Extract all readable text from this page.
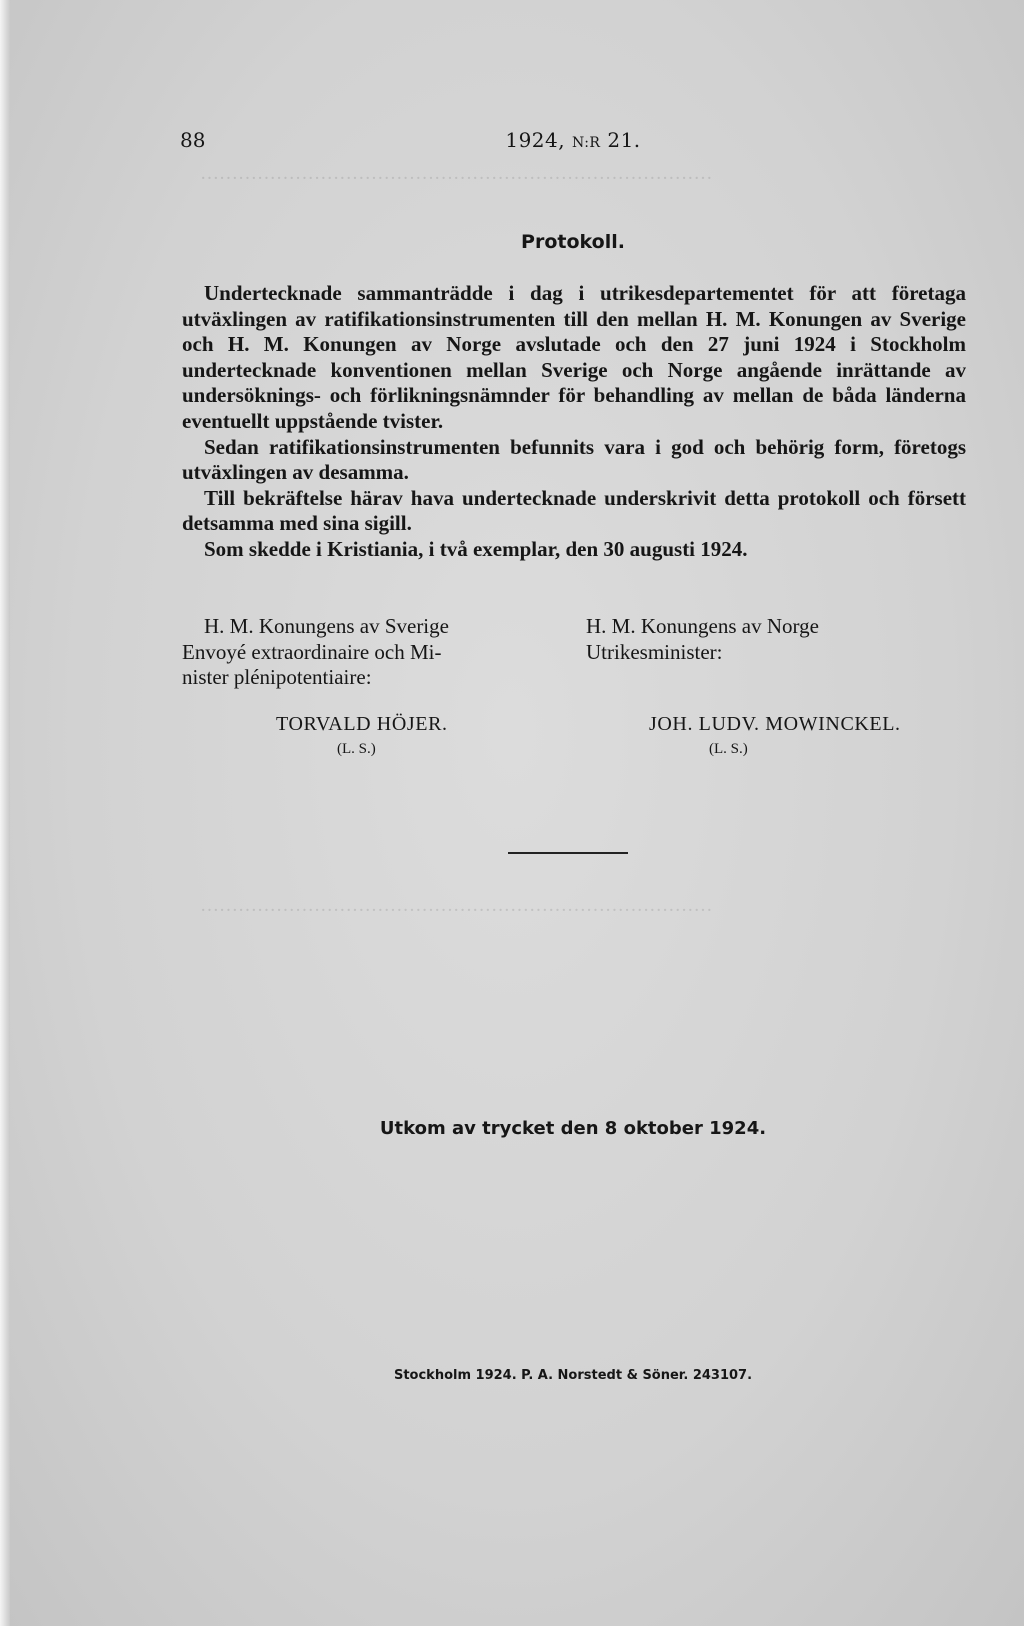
·················································································
·················································································
88	1924, N:R 21.
Protokoll.

Undertecknade sammanträdde i dag i utrikesdepartementet för att företaga utväxlingen av ratifikationsinstrumenten till den mellan H. M. Konungen av Sverige och H. M. Konungen av Norge avslutade och den 27 juni 1924 i Stockholm undertecknade konventionen mellan Sverige och Norge angående inrättande av undersöknings- och förlikningsnämnder för behandling av mellan de båda länderna eventuellt uppstående tvister.

Sedan ratifikationsinstrumenten befunnits vara i god och behörig form, företogs utväxlingen av desamma.

Till bekräftelse härav hava undertecknade underskrivit detta protokoll och försett detsamma med sina sigill.

Som skedde i Kristiania, i två exemplar, den 30 augusti 1924.

H. M. Konungens av Sverige
Envoyé extraordinaire och Mi-
nister plénipotentiaire:
H. M. Konungens av Norge
Utrikesminister:
TORVALD HÖJER.	JOH. LUDV. MOWINCKEL.
(L. S.)	(L. S.)
Utkom av trycket den 8 oktober 1924.
Stockholm 1924. P. A. Norstedt & Söner. 243107.
